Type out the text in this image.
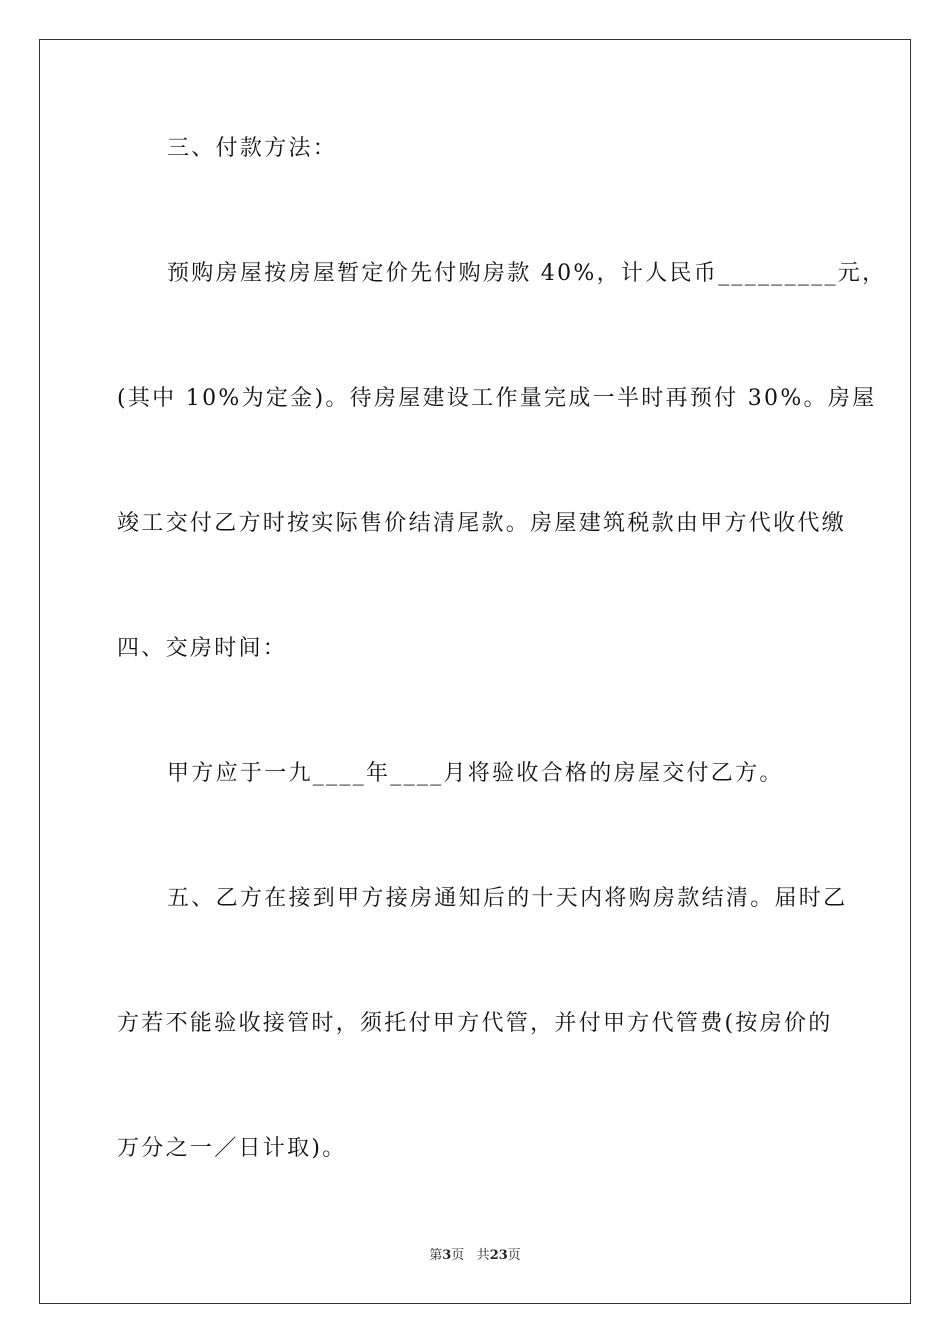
三、付款方法：
预购房屋按房屋暂定价先付购房款 40%，计人民币_________元，
(其中 10%为定金)。待房屋建设工作量完成一半时再预付 30%。房屋
竣工交付乙方时按实际售价结清尾款。房屋建筑税款由甲方代收代缴
四、交房时间：
甲方应于一九____年____月将验收合格的房屋交付乙方。
五、乙方在接到甲方接房通知后的十天内将购房款结清。届时乙
方若不能验收接管时，须托付甲方代管，并付甲方代管费(按房价的
万分之一／日计取)。
第3页 共23页
